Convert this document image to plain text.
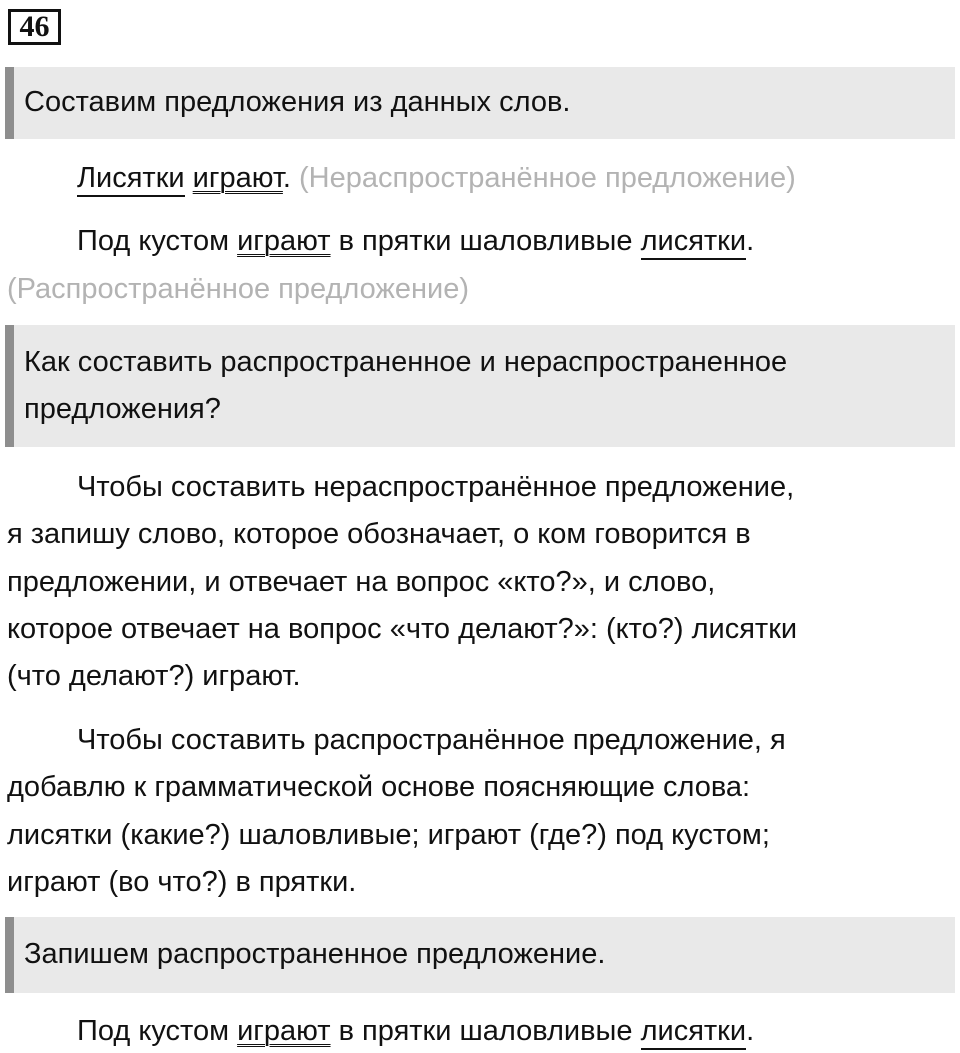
46
Составим предложения из данных слов.
Лисятки играют. (Нераспространённое предложение)
Под кустом играют в прятки шаловливые лисятки.
(Распространённое предложение)
Как составить распространенное и нераспространенное
предложения?
Чтобы составить нераспространённое предложение,
я запишу слово, которое обозначает, о ком говорится в
предложении, и отвечает на вопрос «кто?», и слово,
которое отвечает на вопрос «что делают?»: (кто?) лисятки
(что делают?) играют.
Чтобы составить распространённое предложение, я
добавлю к грамматической основе поясняющие слова:
лисятки (какие?) шаловливые; играют (где?) под кустом;
играют (во что?) в прятки.
Запишем распространенное предложение.
Под кустом играют в прятки шаловливые лисятки.
